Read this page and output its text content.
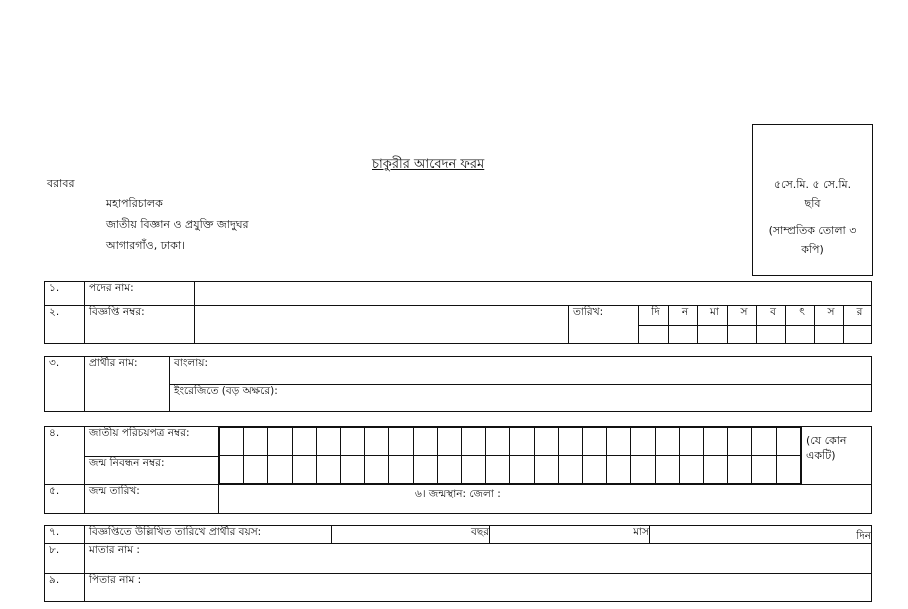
চাকুরীর আবেদন ফরম
বরাবর
মহাপরিচালক
জাতীয় বিজ্ঞান ও প্রযুক্তি জাদুঘর
আগারগাঁও, ঢাকা।
৫সে.মি. ৫ সে.মি.
ছবি
(সাম্প্রতিক তোলা ৩
কপি)
১.	পদের নাম:										
২.	বিজ্ঞপ্তি নম্বর:		তারিখ:	দি	ন	মা	স	ব	ৎ	স	র

৩.	প্রার্থীর নাম:	বাংলায়:
ইংরেজিতে (বড় অক্ষরে):
৪.	জাতীয় পরিচয়পত্র নম্বর:	

(যে কোন
একটি)

জন্ম নিবন্ধন নম্বর:
৫.	জন্ম তারিখ:	৬। জন্মস্থান: জেলা :
৭.	বিজ্ঞপ্তিতে উল্লিখিত তারিখে প্রার্থীর বয়স:	বছর	মাস	দিন
৮.	মাতার নাম :			
৯.	পিতার নাম :			
